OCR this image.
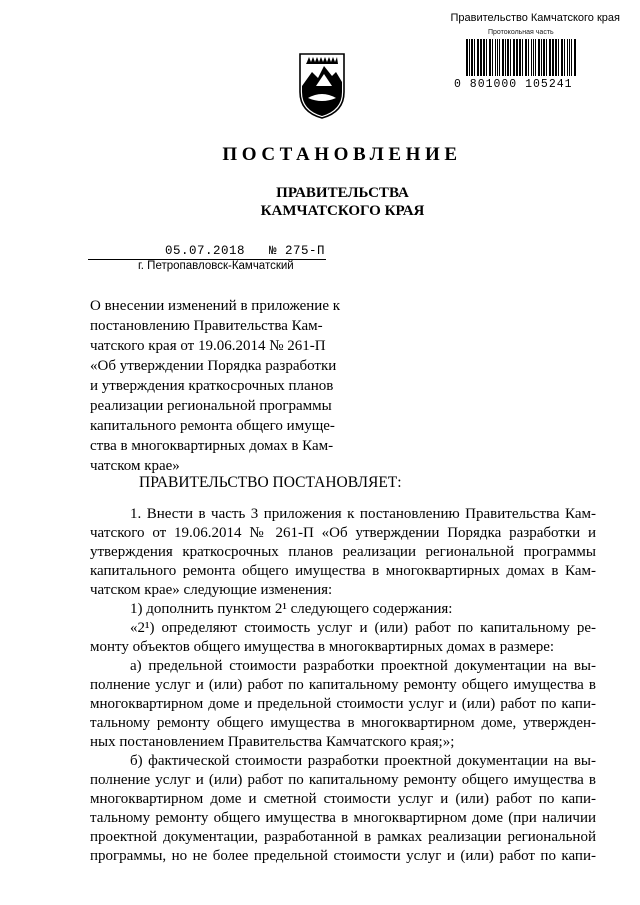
Правительство Камчатского края
Протокольная часть
0 801000 105241
ПОСТАНОВЛЕНИЕ
ПРАВИТЕЛЬСТВА
КАМЧАТСКОГО КРАЯ
05.07.2018 № 275-П
г. Петропавловск-Камчатский
О внесении изменений в приложение к
постановлению Правительства Кам-
чатского края от 19.06.2014 № 261-П
«Об утверждении Порядка разработки
и утверждения краткосрочных планов
реализации региональной программы
капитального ремонта общего имуще-
ства в многоквартирных домах в Кам-
чатском крае»
ПРАВИТЕЛЬСТВО ПОСТАНОВЛЯЕТ:
1. Внести в часть 3 приложения к постановлению Правительства Кам-
чатского от 19.06.2014 № 261-П «Об утверждении Порядка разработки и
утверждения краткосрочных планов реализации региональной программы
капитального ремонта общего имущества в многоквартирных домах в Кам-
чатском крае» следующие изменения:
1) дополнить пунктом 2¹ следующего содержания:
«2¹) определяют стоимость услуг и (или) работ по капитальному ре-
монту объектов общего имущества в многоквартирных домах в размере:
а) предельной стоимости разработки проектной документации на вы-
полнение услуг и (или) работ по капитальному ремонту общего имущества в
многоквартирном доме и предельной стоимости услуг и (или) работ по капи-
тальному ремонту общего имущества в многоквартирном доме, утвержден-
ных постановлением Правительства Камчатского края;»;
б) фактической стоимости разработки проектной документации на вы-
полнение услуг и (или) работ по капитальному ремонту общего имущества в
многоквартирном доме и сметной стоимости услуг и (или) работ по капи-
тальному ремонту общего имущества в многоквартирном доме (при наличии
проектной документации, разработанной в рамках реализации региональной
программы, но не более предельной стоимости услуг и (или) работ по капи-
